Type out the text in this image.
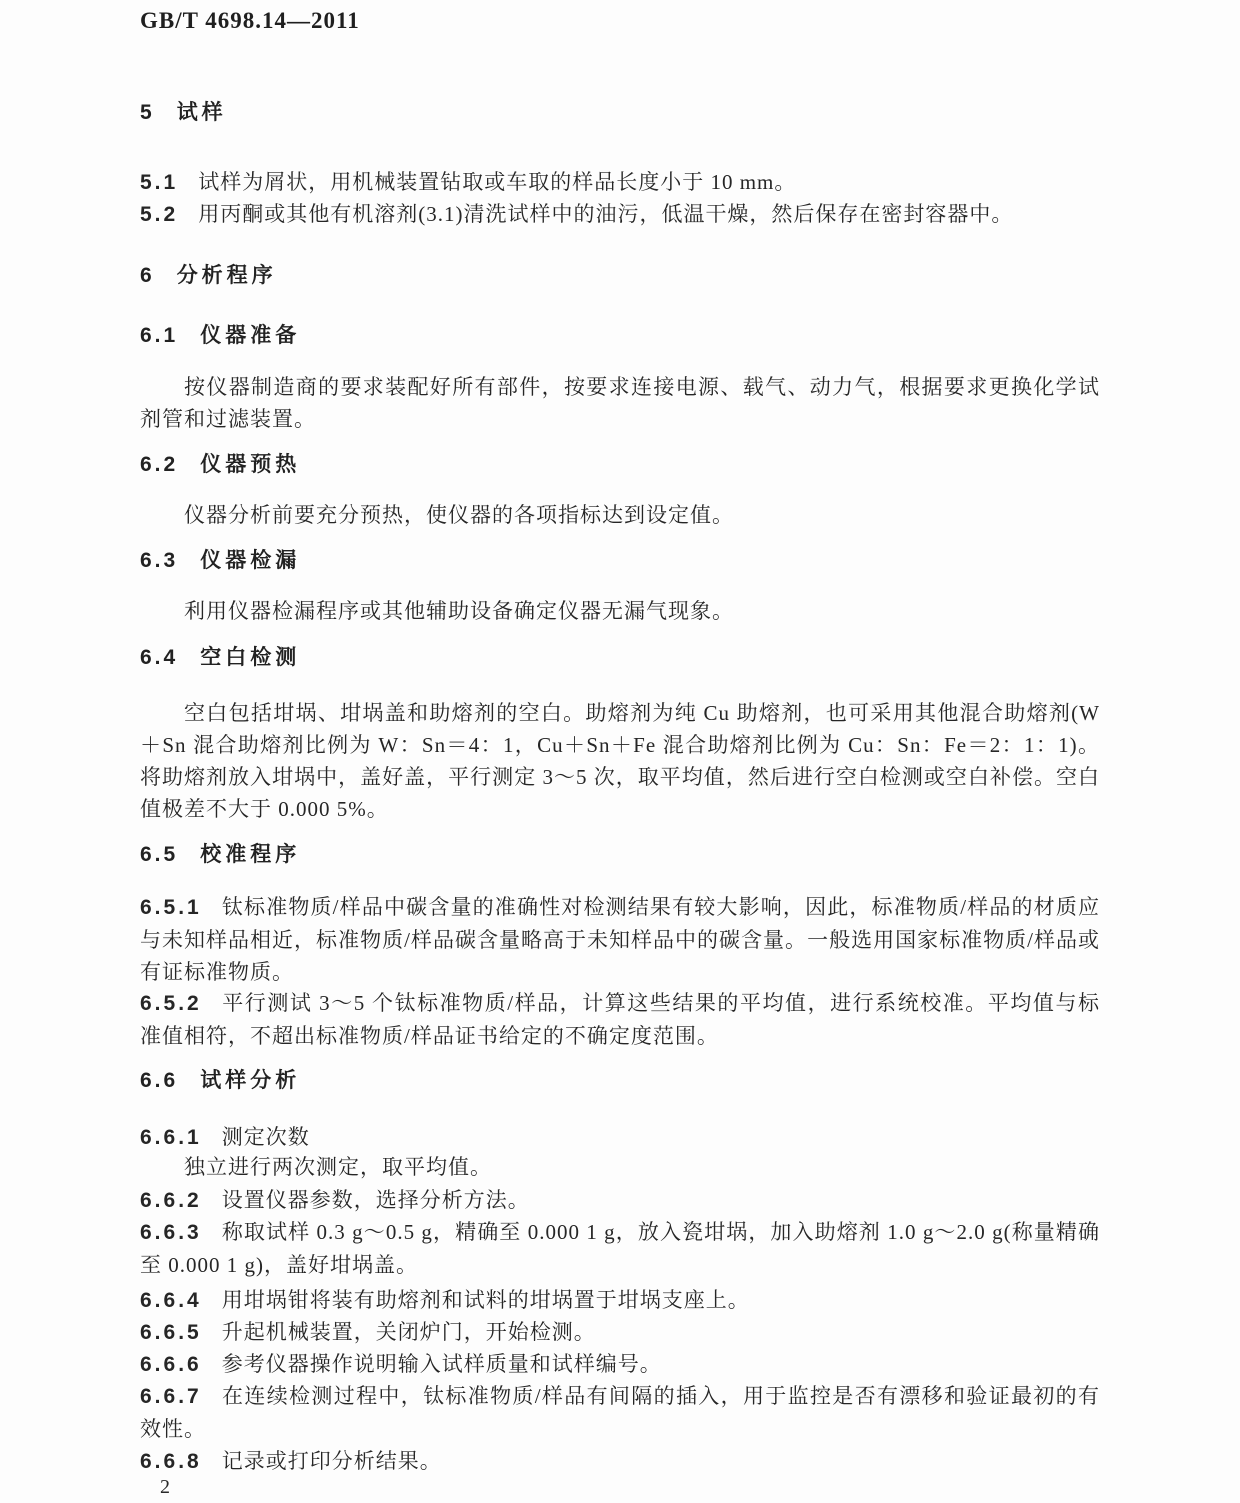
GB/T 4698.14—2011
5 试样
5.1 试样为屑状，用机械装置钻取或车取的样品长度小于 10 mm。
5.2 用丙酮或其他有机溶剂(3.1)清洗试样中的油污，低温干燥，然后保存在密封容器中。
6 分析程序
6.1 仪器准备
按仪器制造商的要求装配好所有部件，按要求连接电源、载气、动力气，根据要求更换化学试剂管和过滤装置。
6.2 仪器预热
仪器分析前要充分预热，使仪器的各项指标达到设定值。
6.3 仪器检漏
利用仪器检漏程序或其他辅助设备确定仪器无漏气现象。
6.4 空白检测
空白包括坩埚、坩埚盖和助熔剂的空白。助熔剂为纯 Cu 助熔剂，也可采用其他混合助熔剂(W＋Sn 混合助熔剂比例为 W：Sn＝4：1，Cu＋Sn＋Fe 混合助熔剂比例为 Cu：Sn：Fe＝2：1：1)。将助熔剂放入坩埚中，盖好盖，平行测定 3～5 次，取平均值，然后进行空白检测或空白补偿。空白值极差不大于 0.000 5%。
6.5 校准程序
6.5.1 钛标准物质/样品中碳含量的准确性对检测结果有较大影响，因此，标准物质/样品的材质应与未知样品相近，标准物质/样品碳含量略高于未知样品中的碳含量。一般选用国家标准物质/样品或有证标准物质。
6.5.2 平行测试 3～5 个钛标准物质/样品，计算这些结果的平均值，进行系统校准。平均值与标准值相符，不超出标准物质/样品证书给定的不确定度范围。
6.6 试样分析
6.6.1 测定次数
独立进行两次测定，取平均值。
6.6.2 设置仪器参数，选择分析方法。
6.6.3 称取试样 0.3 g～0.5 g，精确至 0.000 1 g，放入瓷坩埚，加入助熔剂 1.0 g～2.0 g(称量精确至 0.000 1 g)，盖好坩埚盖。
6.6.4 用坩埚钳将装有助熔剂和试料的坩埚置于坩埚支座上。
6.6.5 升起机械装置，关闭炉门，开始检测。
6.6.6 参考仪器操作说明输入试样质量和试样编号。
6.6.7 在连续检测过程中，钛标准物质/样品有间隔的插入，用于监控是否有漂移和验证最初的有效性。
6.6.8 记录或打印分析结果。
2
